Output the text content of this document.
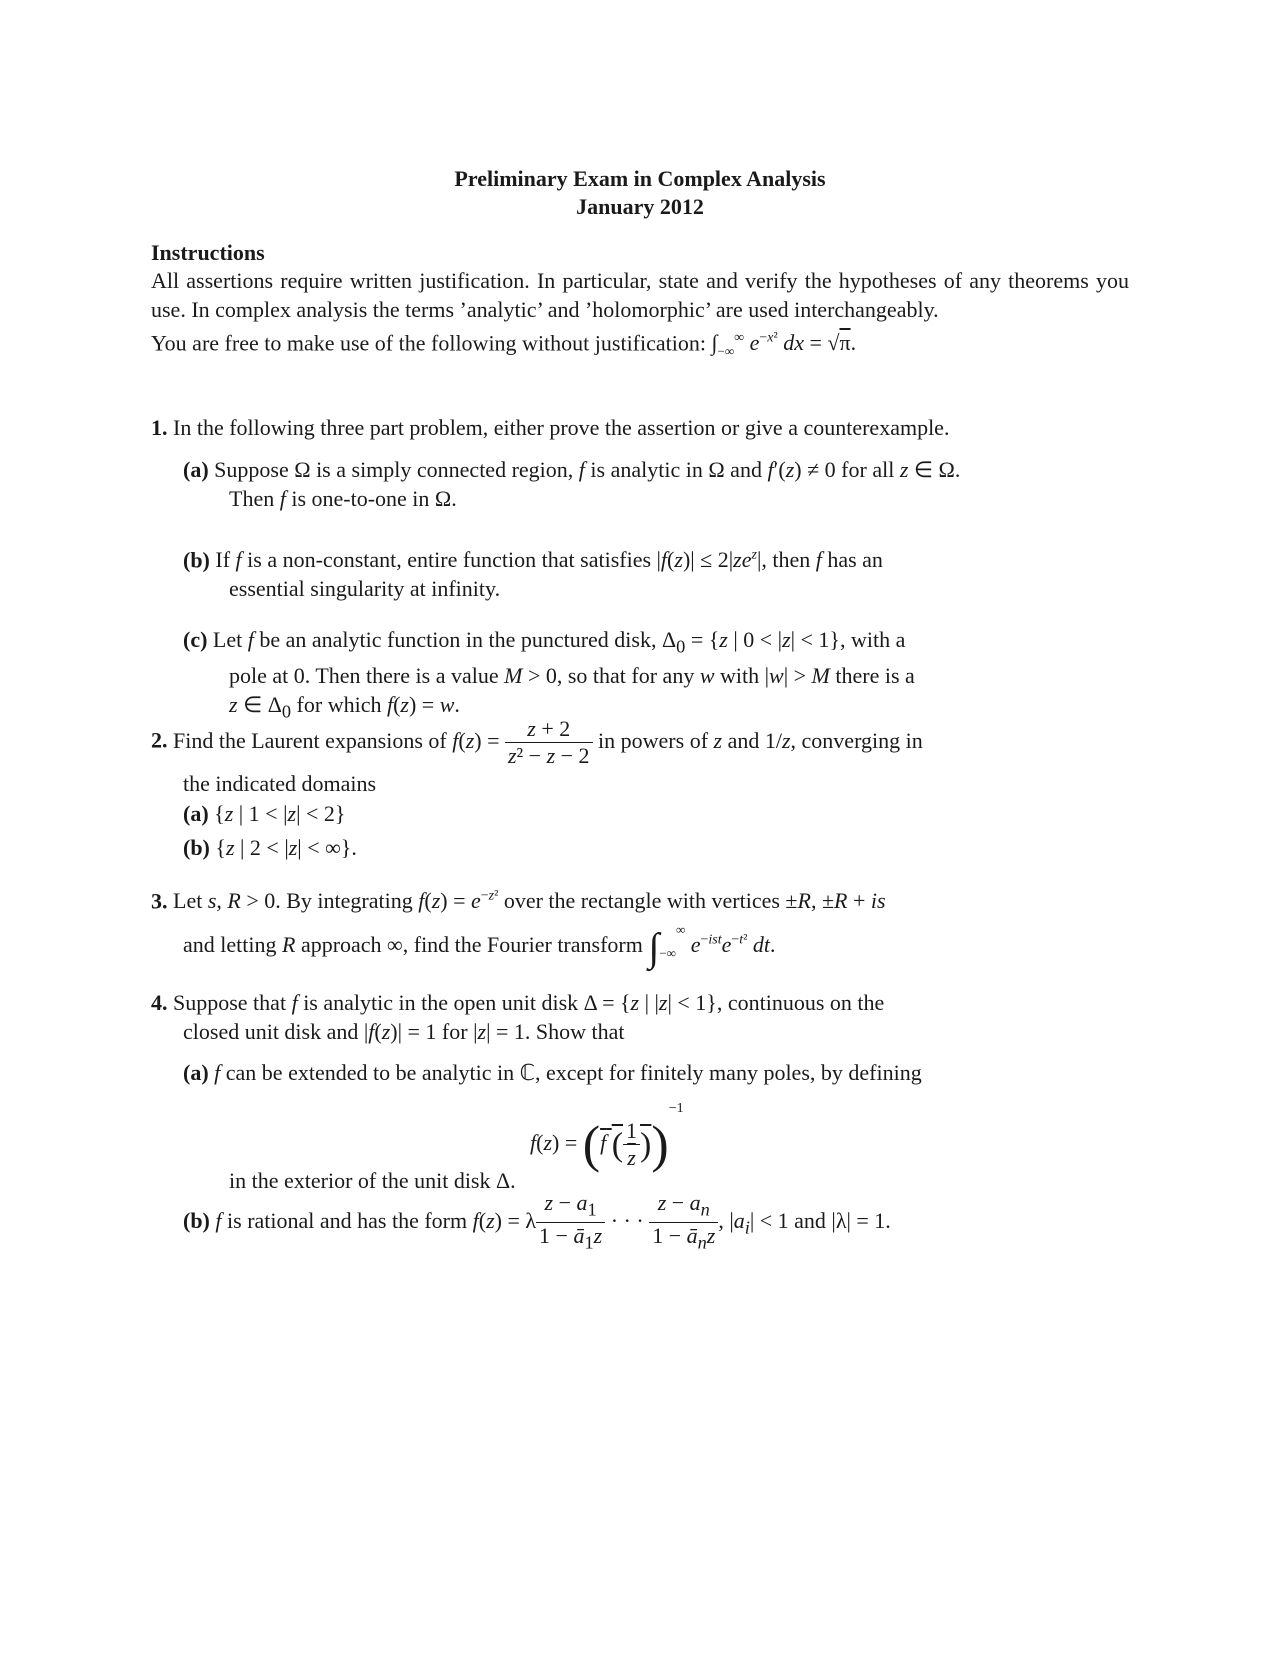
Preliminary Exam in Complex Analysis
January 2012
Instructions
All assertions require written justification. In particular, state and verify the hypotheses of any theorems you use. In complex analysis the terms ’analytic’ and ’holomorphic’ are used interchangeably.
You are free to make use of the following without justification: $\int_{-\infty}^\infty$ $e^{-x^2}$ dx = √π.
1. In the following three part problem, either prove the assertion or give a counterexample.
(a) Suppose Ω is a simply connected region, f is analytic in Ω and f′(z) ≠ 0 for all z ∈ Ω.
Then f is one-to-one in Ω.
(b) If f is a non-constant, entire function that satisfies $|f(z)| \le 2|ze^z|$, then f has an
essential singularity at infinity.
(c) Let f be an analytic function in the punctured disk, $\Delta_0 = \{z$ | 0 < |z| < 1}, with a
pole at 0. Then there is a value M > 0, so that for any w with |w| > M there is a
z ∈ $\Delta_0$ for which f(z) = w.
2. Find the Laurent expansions of $f(z) = \frac{z + 2}{\text{z² − z − 2}}$ in powers of z and 1/z, converging in
the indicated domains
(a) {z | 1 < |z| < 2}
(b) {z | 2 < |z| < ∞}.
3. Let s, R > 0. By integrating $f(z) = e^{-z^2}$ over the rectangle with vertices ±R, ±R + is
and letting R approach ∞, find the Fourier transform $\int_{-\infty}^\infty$ $e^{-ist}e^{-t^2}$ dt.
4. Suppose that f is analytic in the open unit disk Δ = {z | |z| < 1}, continuous on the
closed unit disk and |f(z)| = 1 for |z| = 1. Show that
(a) f can be extended to be analytic in ℂ, except for finitely many poles, by defining
f(z) = (f ( $\frac{1}{z} ))^{-1}$
in the exterior of the unit disk Δ.
(b) f is rational and has the form f(z) = λ $\frac{z - a_1}{1 - ā_1z}$ · · · $\frac{z - a_n}{1 - ā_nz}$ , $|a_i| < 1$ and |λ| = 1.
